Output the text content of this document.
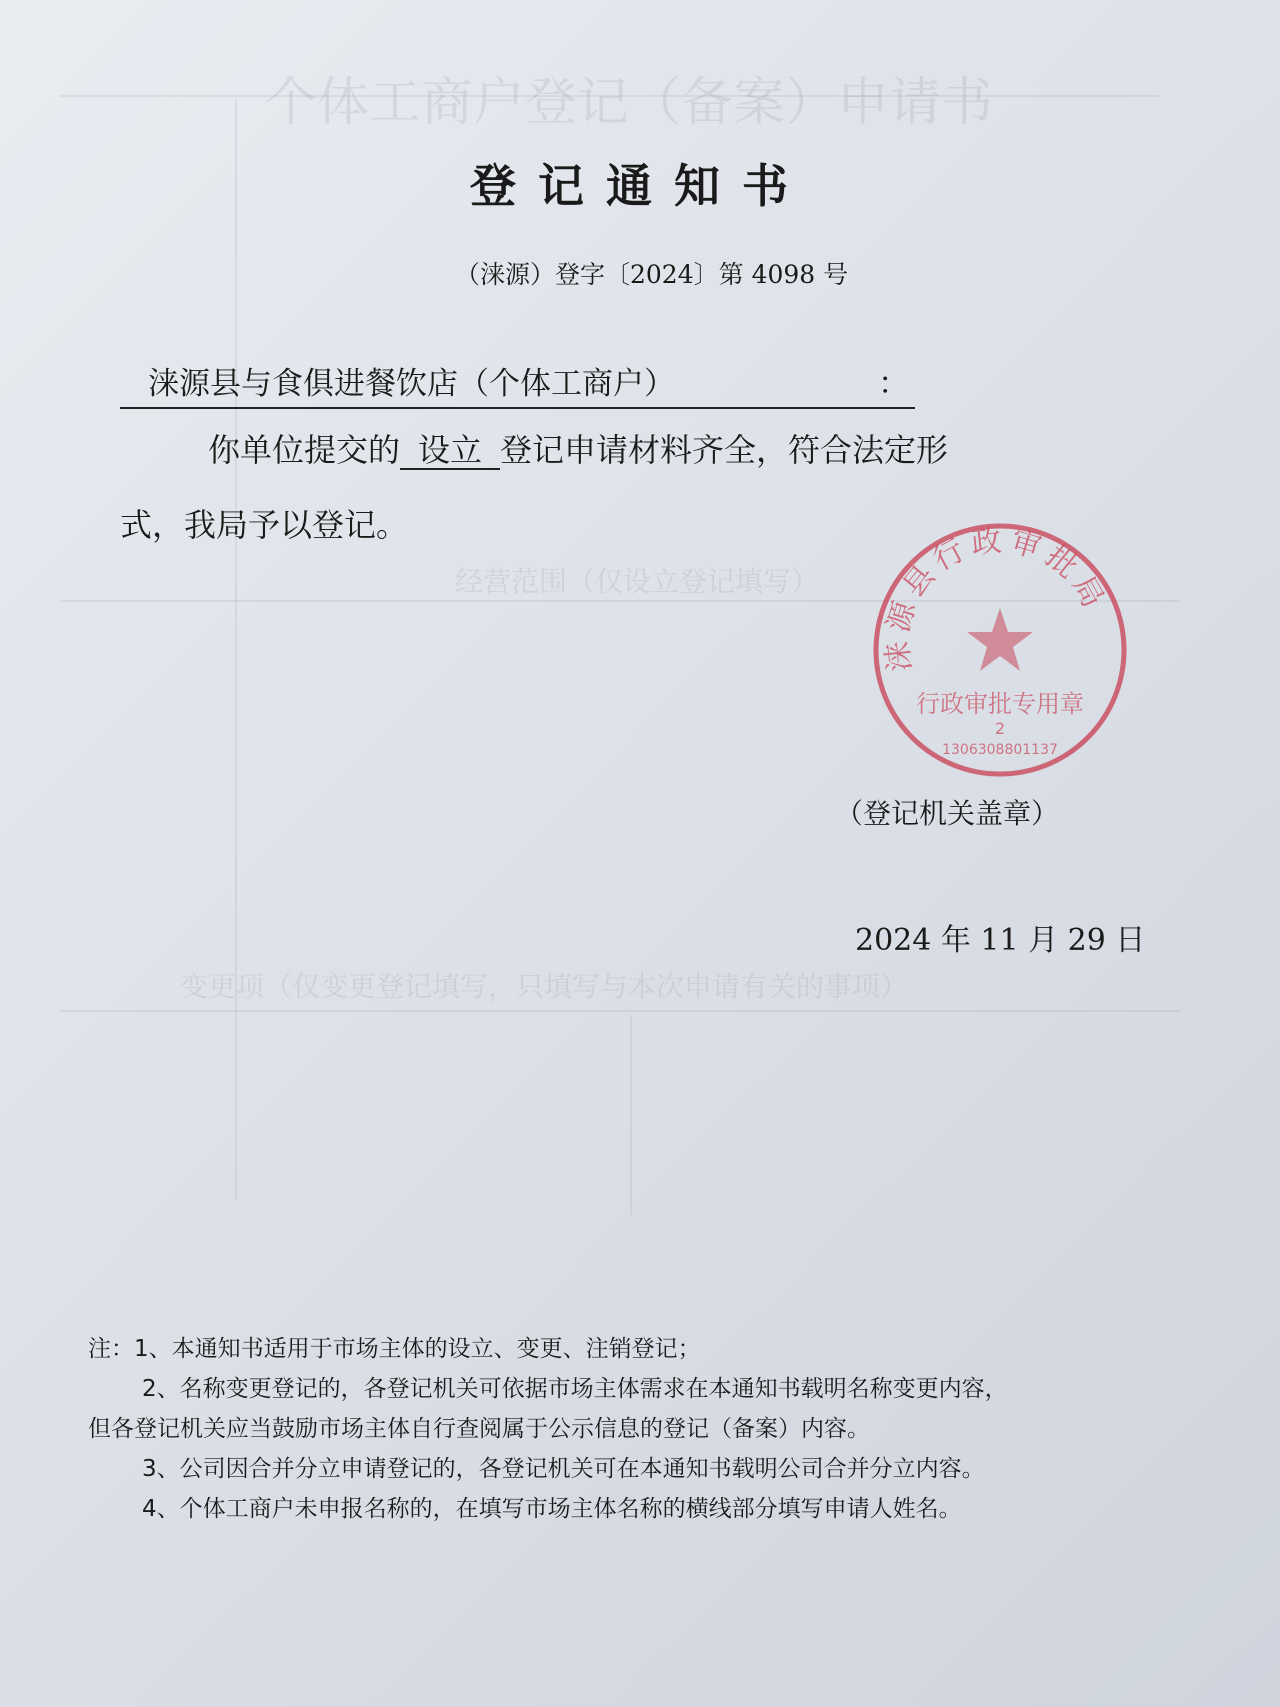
个体工商户登记（备案）申请书
经营范围（仅设立登记填写）
变更项（仅变更登记填写，只填写与本次申请有关的事项）
登记通知书
（涞源）登字〔2024〕第 4098 号
涞源县与食俱进餐饮店（个体工商户）	：
你单位提交的 设立 登记申请材料齐全，符合法定形
式，我局予以登记。
涞源县行政审批局
行政审批专用章
2
1306308801137
（登记机关盖章）
2024 年 11 月 29 日
注：1、本通知书适用于市场主体的设立、变更、注销登记；
2、名称变更登记的，各登记机关可依据市场主体需求在本通知书载明名称变更内容，
但各登记机关应当鼓励市场主体自行查阅属于公示信息的登记（备案）内容。
3、公司因合并分立申请登记的，各登记机关可在本通知书载明公司合并分立内容。
4、个体工商户未申报名称的，在填写市场主体名称的横线部分填写申请人姓名。
